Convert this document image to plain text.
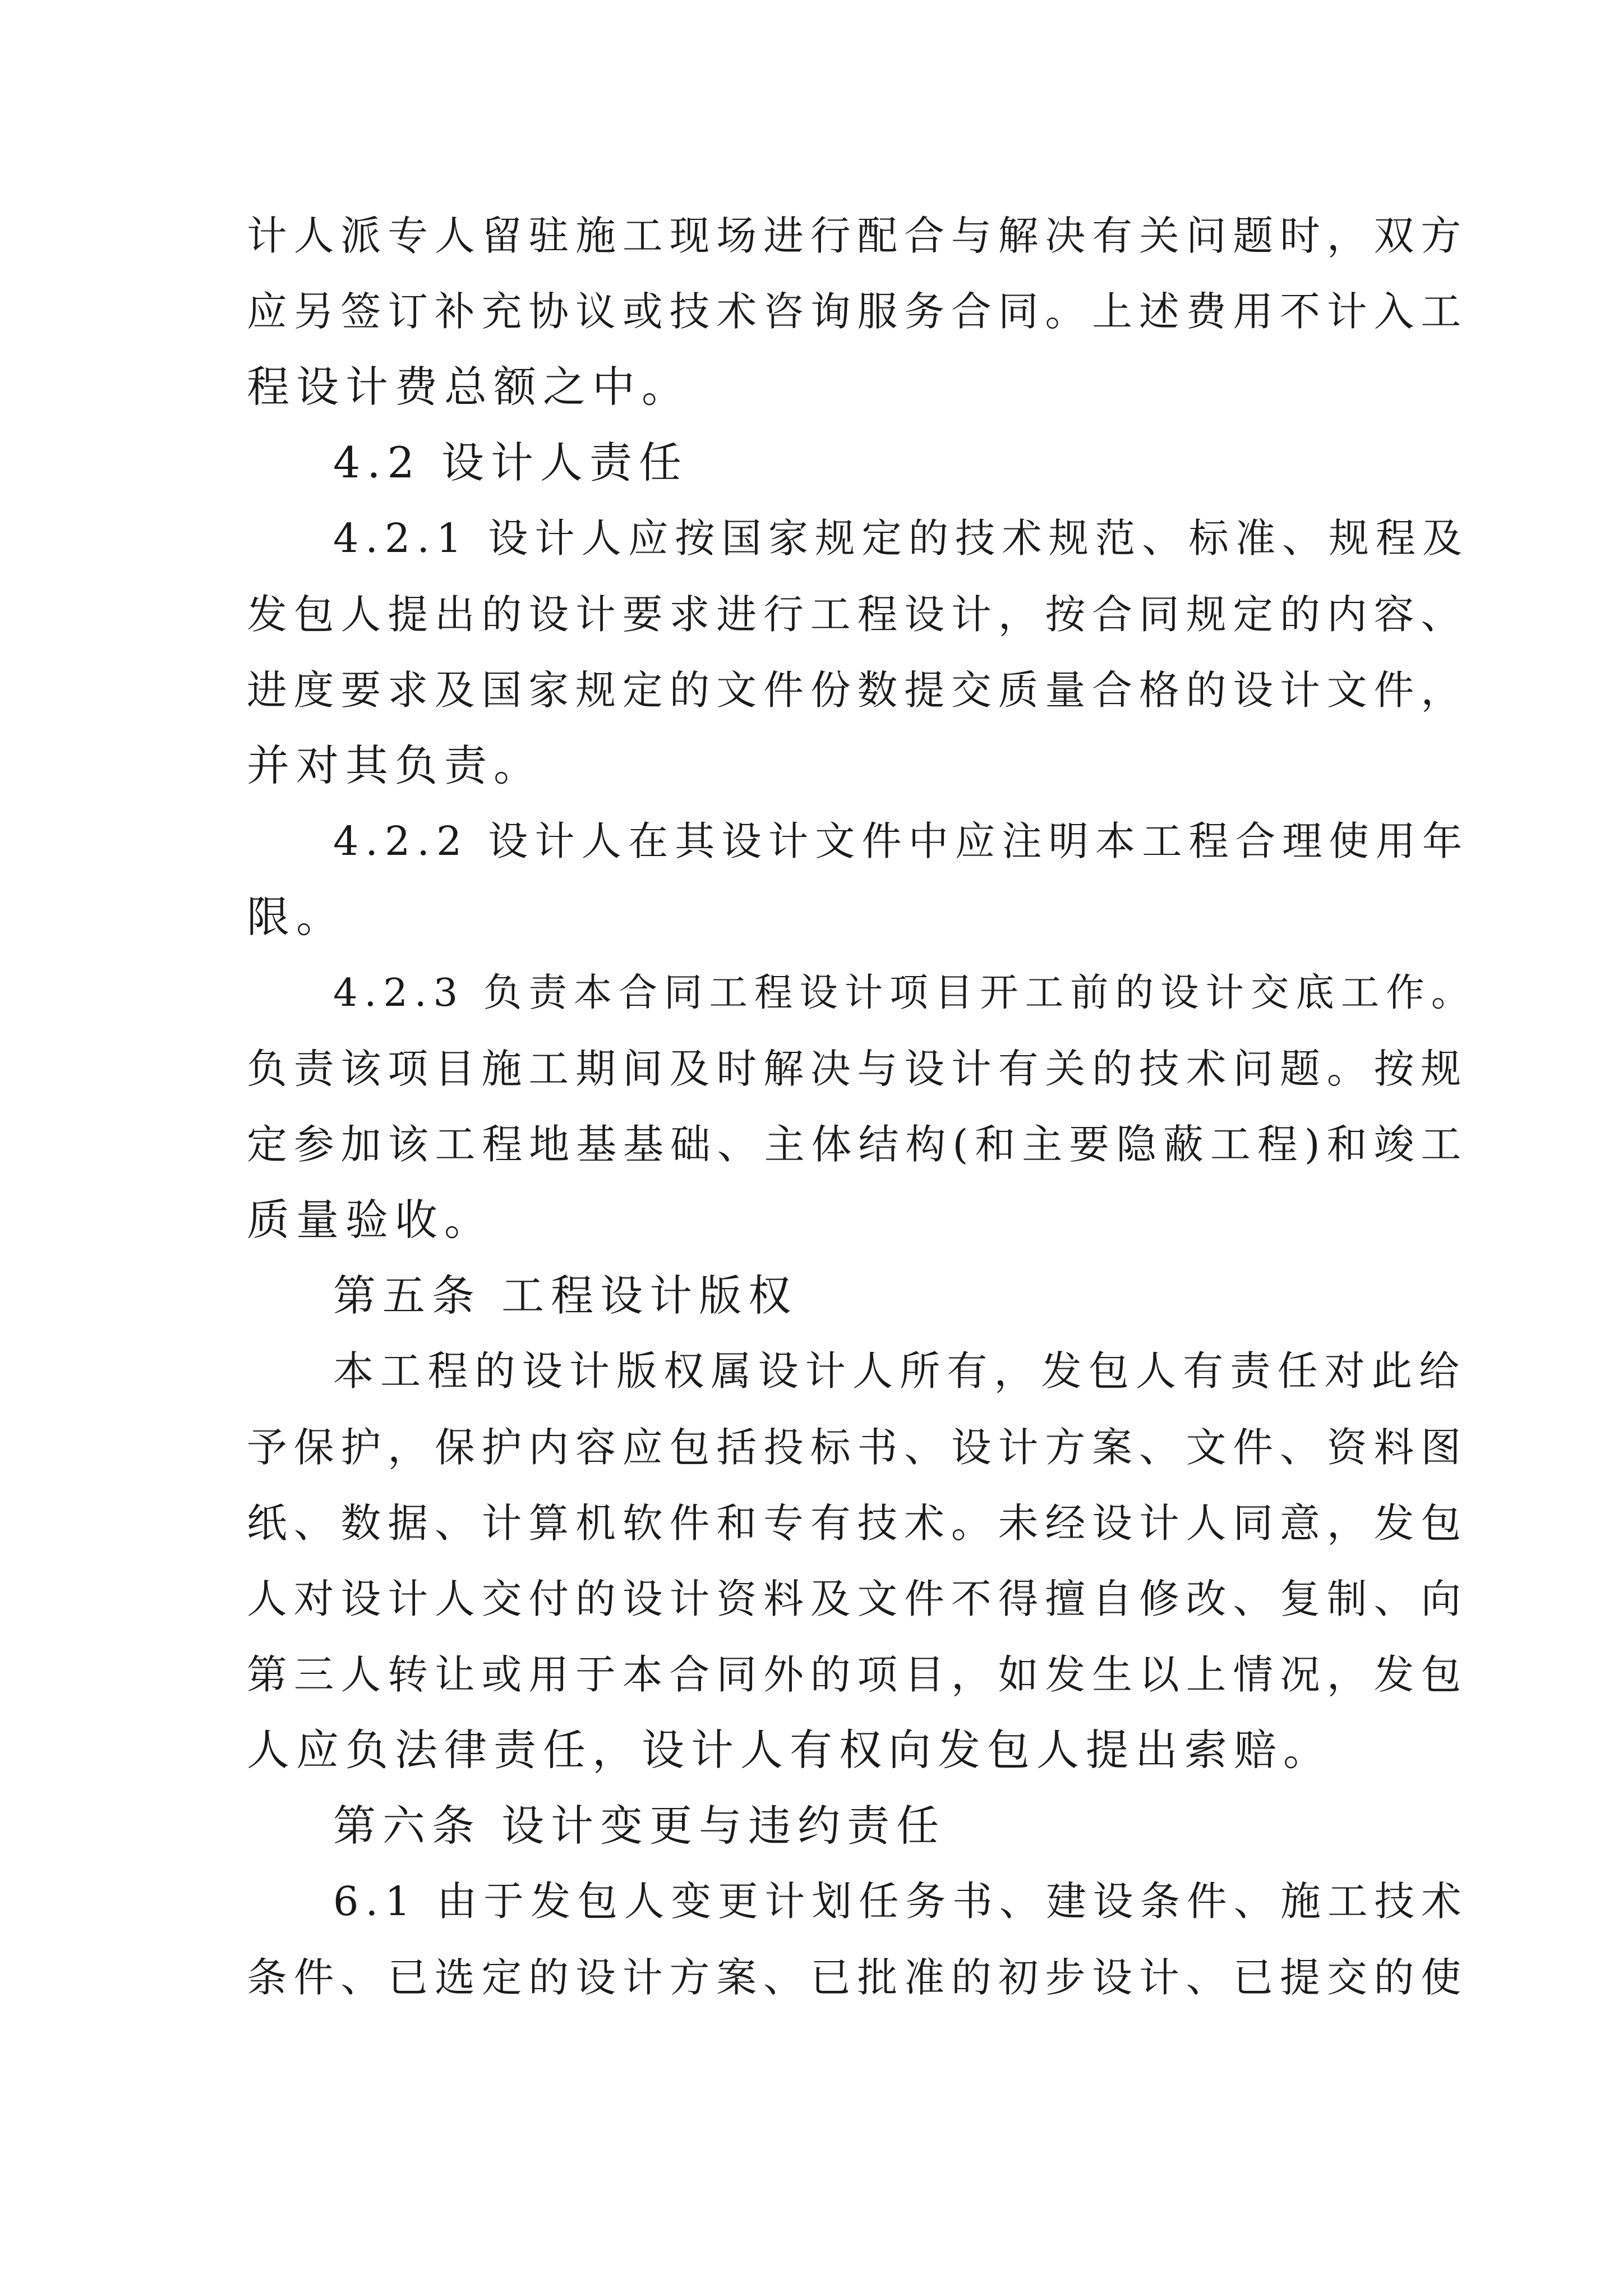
计人派专人留驻施工现场进行配合与解决有关问题时，双方
应另签订补充协议或技术咨询服务合同。上述费用不计入工
程设计费总额之中。
4.2 设计人责任
4.2.1 设计人应按国家规定的技术规范、标准、规程及
发包人提出的设计要求进行工程设计，按合同规定的内容、
进度要求及国家规定的文件份数提交质量合格的设计文件，
并对其负责。
4.2.2 设计人在其设计文件中应注明本工程合理使用年
限。
4.2.3 负责本合同工程设计项目开工前的设计交底工作。
负责该项目施工期间及时解决与设计有关的技术问题。按规
定参加该工程地基基础、主体结构(和主要隐蔽工程)和竣工
质量验收。
第五条 工程设计版权
本工程的设计版权属设计人所有，发包人有责任对此给
予保护，保护内容应包括投标书、设计方案、文件、资料图
纸、数据、计算机软件和专有技术。未经设计人同意，发包
人对设计人交付的设计资料及文件不得擅自修改、复制、向
第三人转让或用于本合同外的项目，如发生以上情况，发包
人应负法律责任，设计人有权向发包人提出索赔。
第六条 设计变更与违约责任
6.1 由于发包人变更计划任务书、建设条件、施工技术
条件、已选定的设计方案、已批准的初步设计、已提交的使
